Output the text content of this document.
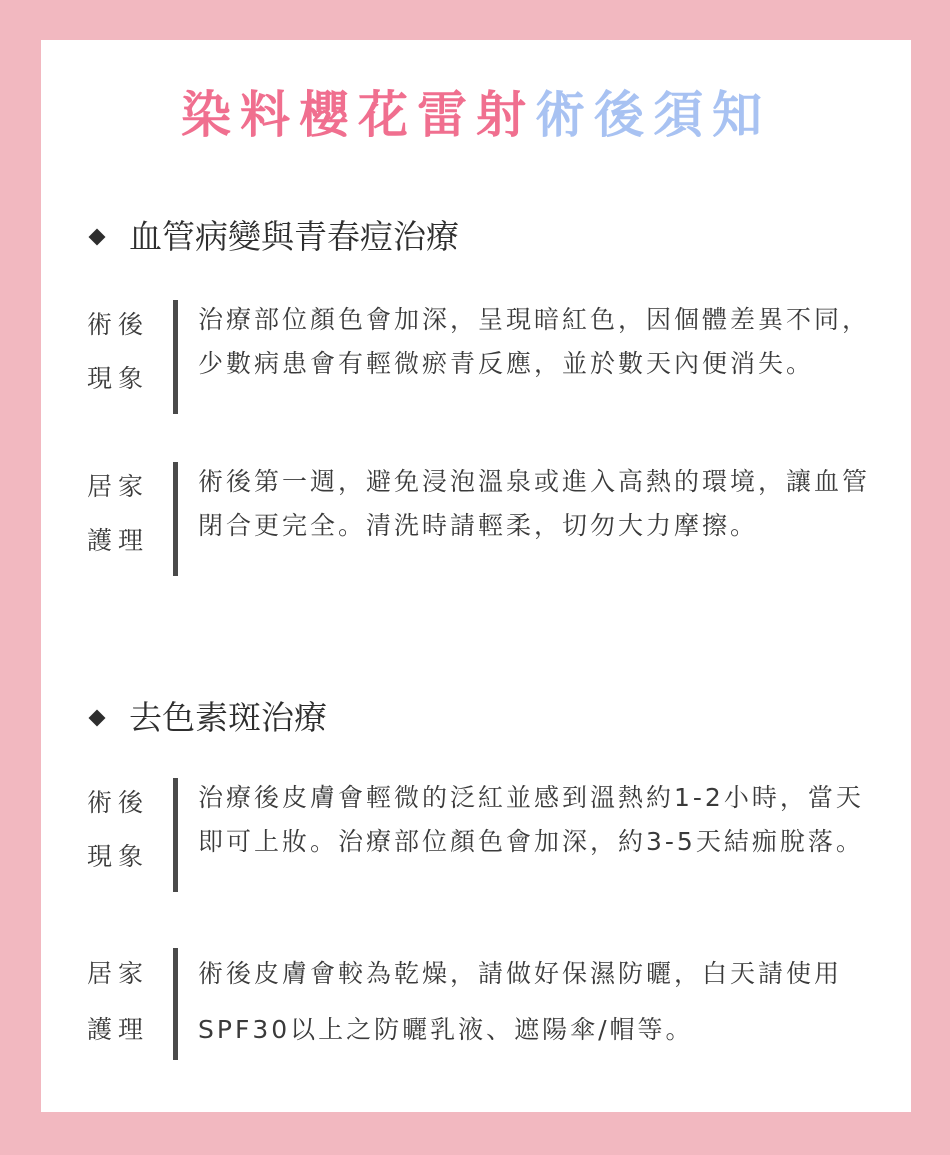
染料櫻花雷射術後須知
血管病變與青春痘治療
術後
現象
治療部位顏色會加深，呈現暗紅色，因個體差異不同，少數病患會有輕微瘀青反應，並於數天內便消失。
居家
護理
術後第一週，避免浸泡溫泉或進入高熱的環境，讓血管閉合更完全。清洗時請輕柔，切勿大力摩擦。
去色素斑治療
術後
現象
治療後皮膚會輕微的泛紅並感到溫熱約1-2小時，當天即可上妝。治療部位顏色會加深，約3-5天結痂脫落。
居家
護理
術後皮膚會較為乾燥，請做好保濕防曬，白天請使用SPF30以上之防曬乳液、遮陽傘/帽等。
